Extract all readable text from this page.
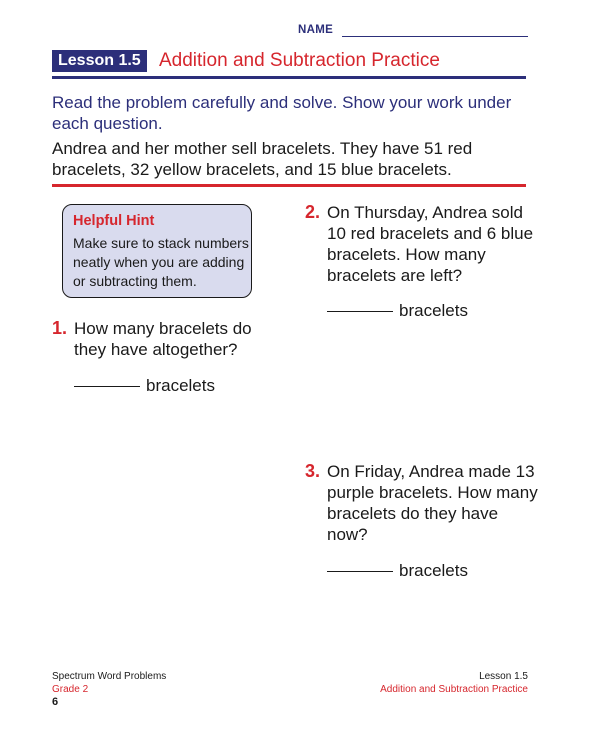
NAME
Lesson 1.5 Addition and Subtraction Practice
Read the problem carefully and solve. Show your work under each question.
Andrea and her mother sell bracelets. They have 51 red bracelets, 32 yellow bracelets, and 15 blue bracelets.
Helpful Hint
Make sure to stack numbers neatly when you are adding or subtracting them.
1. How many bracelets do they have altogether?
bracelets
2. On Thursday, Andrea sold 10 red bracelets and 6 blue bracelets. How many bracelets are left?
bracelets
3. On Friday, Andrea made 13 purple bracelets. How many bracelets do they have now?
bracelets
Spectrum Word Problems
Grade 2
6
Lesson 1.5
Addition and Subtraction Practice
